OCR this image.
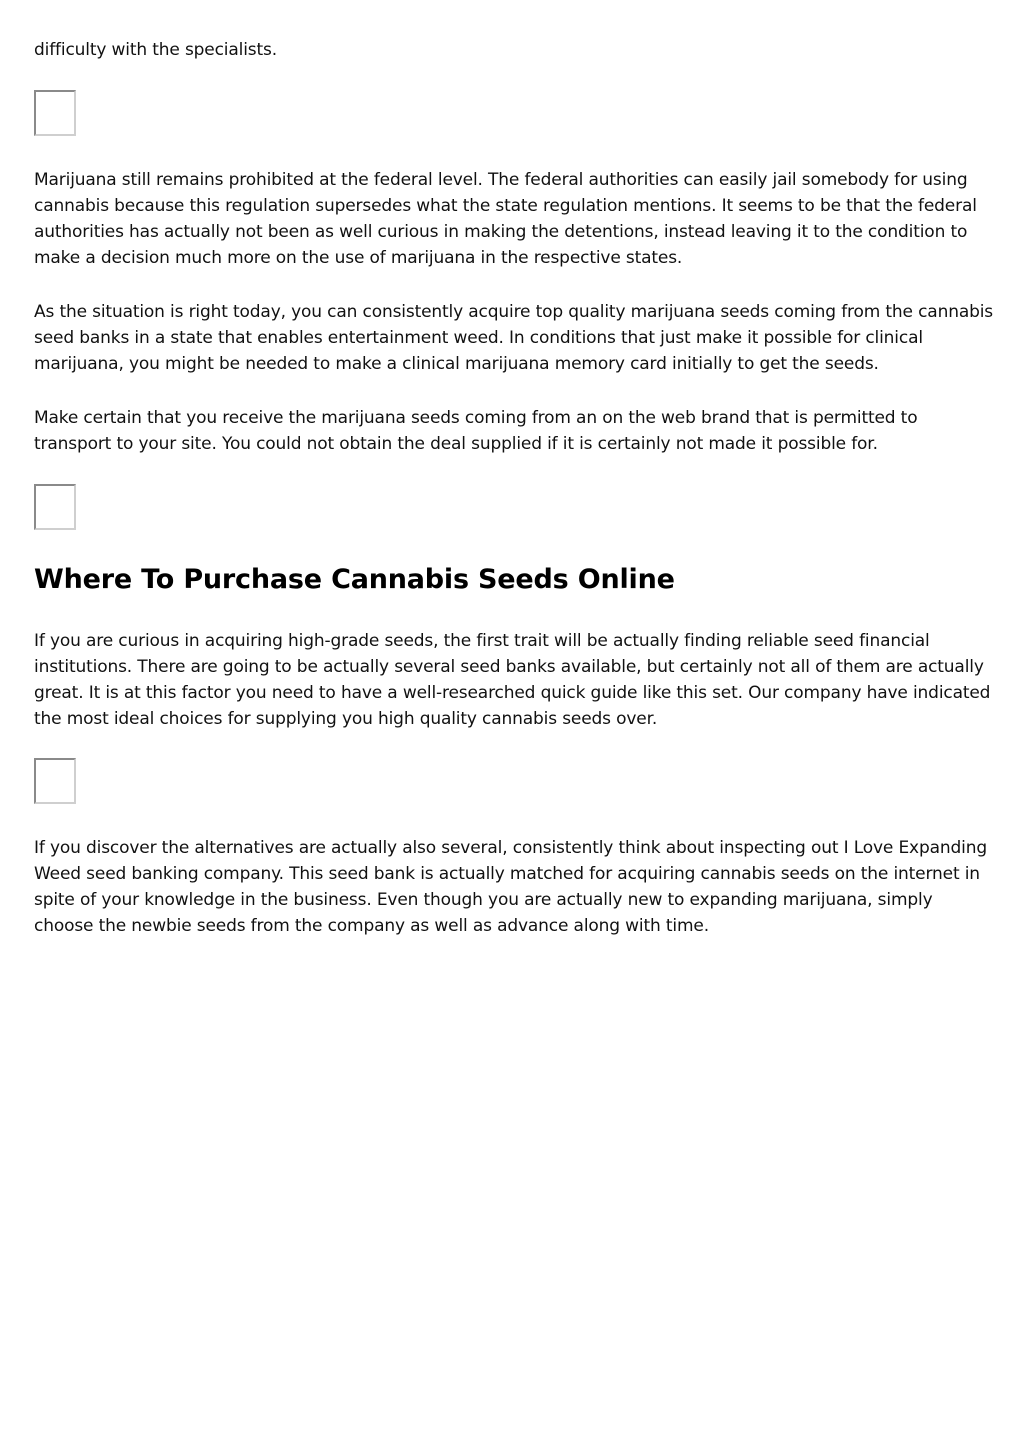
difficulty with the specialists.

Marijuana still remains prohibited at the federal level. The federal authorities can easily jail somebody for using cannabis because this regulation supersedes what the state regulation mentions. It seems to be that the federal authorities has actually not been as well curious in making the detentions, instead leaving it to the condition to make a decision much more on the use of marijuana in the respective states.

As the situation is right today, you can consistently acquire top quality marijuana seeds coming from the cannabis seed banks in a state that enables entertainment weed. In conditions that just make it possible for clinical marijuana, you might be needed to make a clinical marijuana memory card initially to get the seeds.

Make certain that you receive the marijuana seeds coming from an on the web brand that is permitted to transport to your site. You could not obtain the deal supplied if it is certainly not made it possible for.

Where To Purchase Cannabis Seeds Online

If you are curious in acquiring high-grade seeds, the first trait will be actually finding reliable seed financial institutions. There are going to be actually several seed banks available, but certainly not all of them are actually great. It is at this factor you need to have a well-researched quick guide like this set. Our company have indicated the most ideal choices for supplying you high quality cannabis seeds over.

If you discover the alternatives are actually also several, consistently think about inspecting out I Love Expanding Weed seed banking company. This seed bank is actually matched for acquiring cannabis seeds on the internet in spite of your knowledge in the business. Even though you are actually new to expanding marijuana, simply choose the newbie seeds from the company as well as advance along with time.
